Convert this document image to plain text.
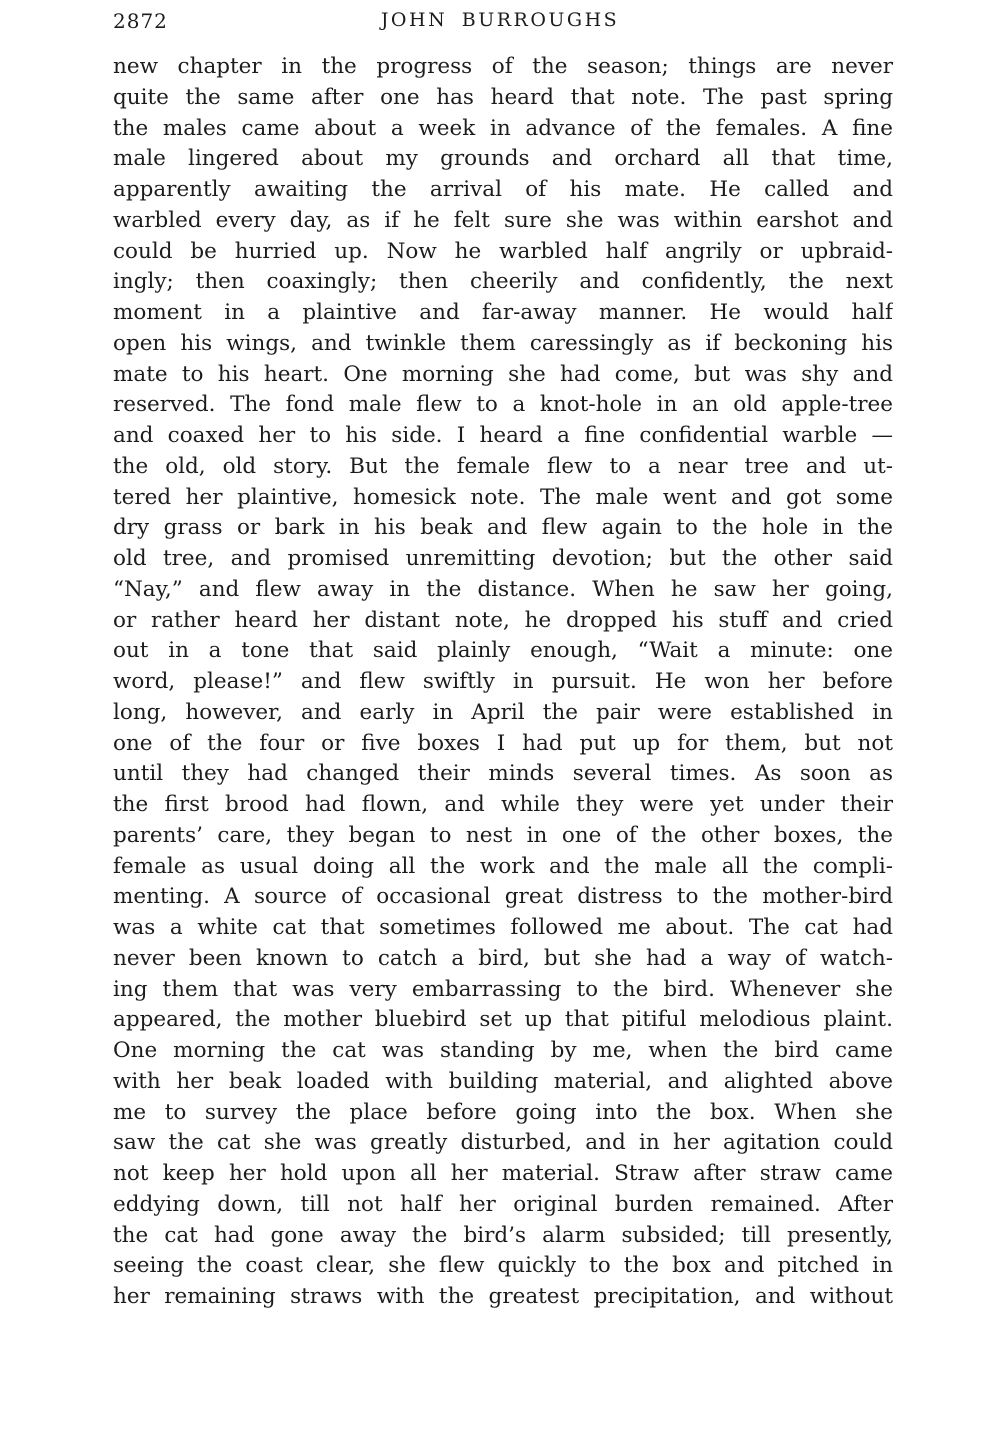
2872	JOHN BURROUGHS
new chapter in the progress of the season; things are never
quite the same after one has heard that note. The past spring
the males came about a week in advance of the females. A fine
male lingered about my grounds and orchard all that time,
apparently awaiting the arrival of his mate. He called and
warbled every day, as if he felt sure she was within earshot and
could be hurried up. Now he warbled half angrily or upbraid-
ingly; then coaxingly; then cheerily and confidently, the next
moment in a plaintive and far-away manner. He would half
open his wings, and twinkle them caressingly as if beckoning his
mate to his heart. One morning she had come, but was shy and
reserved. The fond male flew to a knot-hole in an old apple-tree
and coaxed her to his side. I heard a fine confidential warble —
the old, old story. But the female flew to a near tree and ut-
tered her plaintive, homesick note. The male went and got some
dry grass or bark in his beak and flew again to the hole in the
old tree, and promised unremitting devotion; but the other said
“Nay,” and flew away in the distance. When he saw her going,
or rather heard her distant note, he dropped his stuff and cried
out in a tone that said plainly enough, “Wait a minute: one
word, please!” and flew swiftly in pursuit. He won her before
long, however, and early in April the pair were established in
one of the four or five boxes I had put up for them, but not
until they had changed their minds several times. As soon as
the first brood had flown, and while they were yet under their
parents’ care, they began to nest in one of the other boxes, the
female as usual doing all the work and the male all the compli-
menting. A source of occasional great distress to the mother-bird
was a white cat that sometimes followed me about. The cat had
never been known to catch a bird, but she had a way of watch-
ing them that was very embarrassing to the bird. Whenever she
appeared, the mother bluebird set up that pitiful melodious plaint.
One morning the cat was standing by me, when the bird came
with her beak loaded with building material, and alighted above
me to survey the place before going into the box. When she
saw the cat she was greatly disturbed, and in her agitation could
not keep her hold upon all her material. Straw after straw came
eddying down, till not half her original burden remained. After
the cat had gone away the bird’s alarm subsided; till presently,
seeing the coast clear, she flew quickly to the box and pitched in
her remaining straws with the greatest precipitation, and without
